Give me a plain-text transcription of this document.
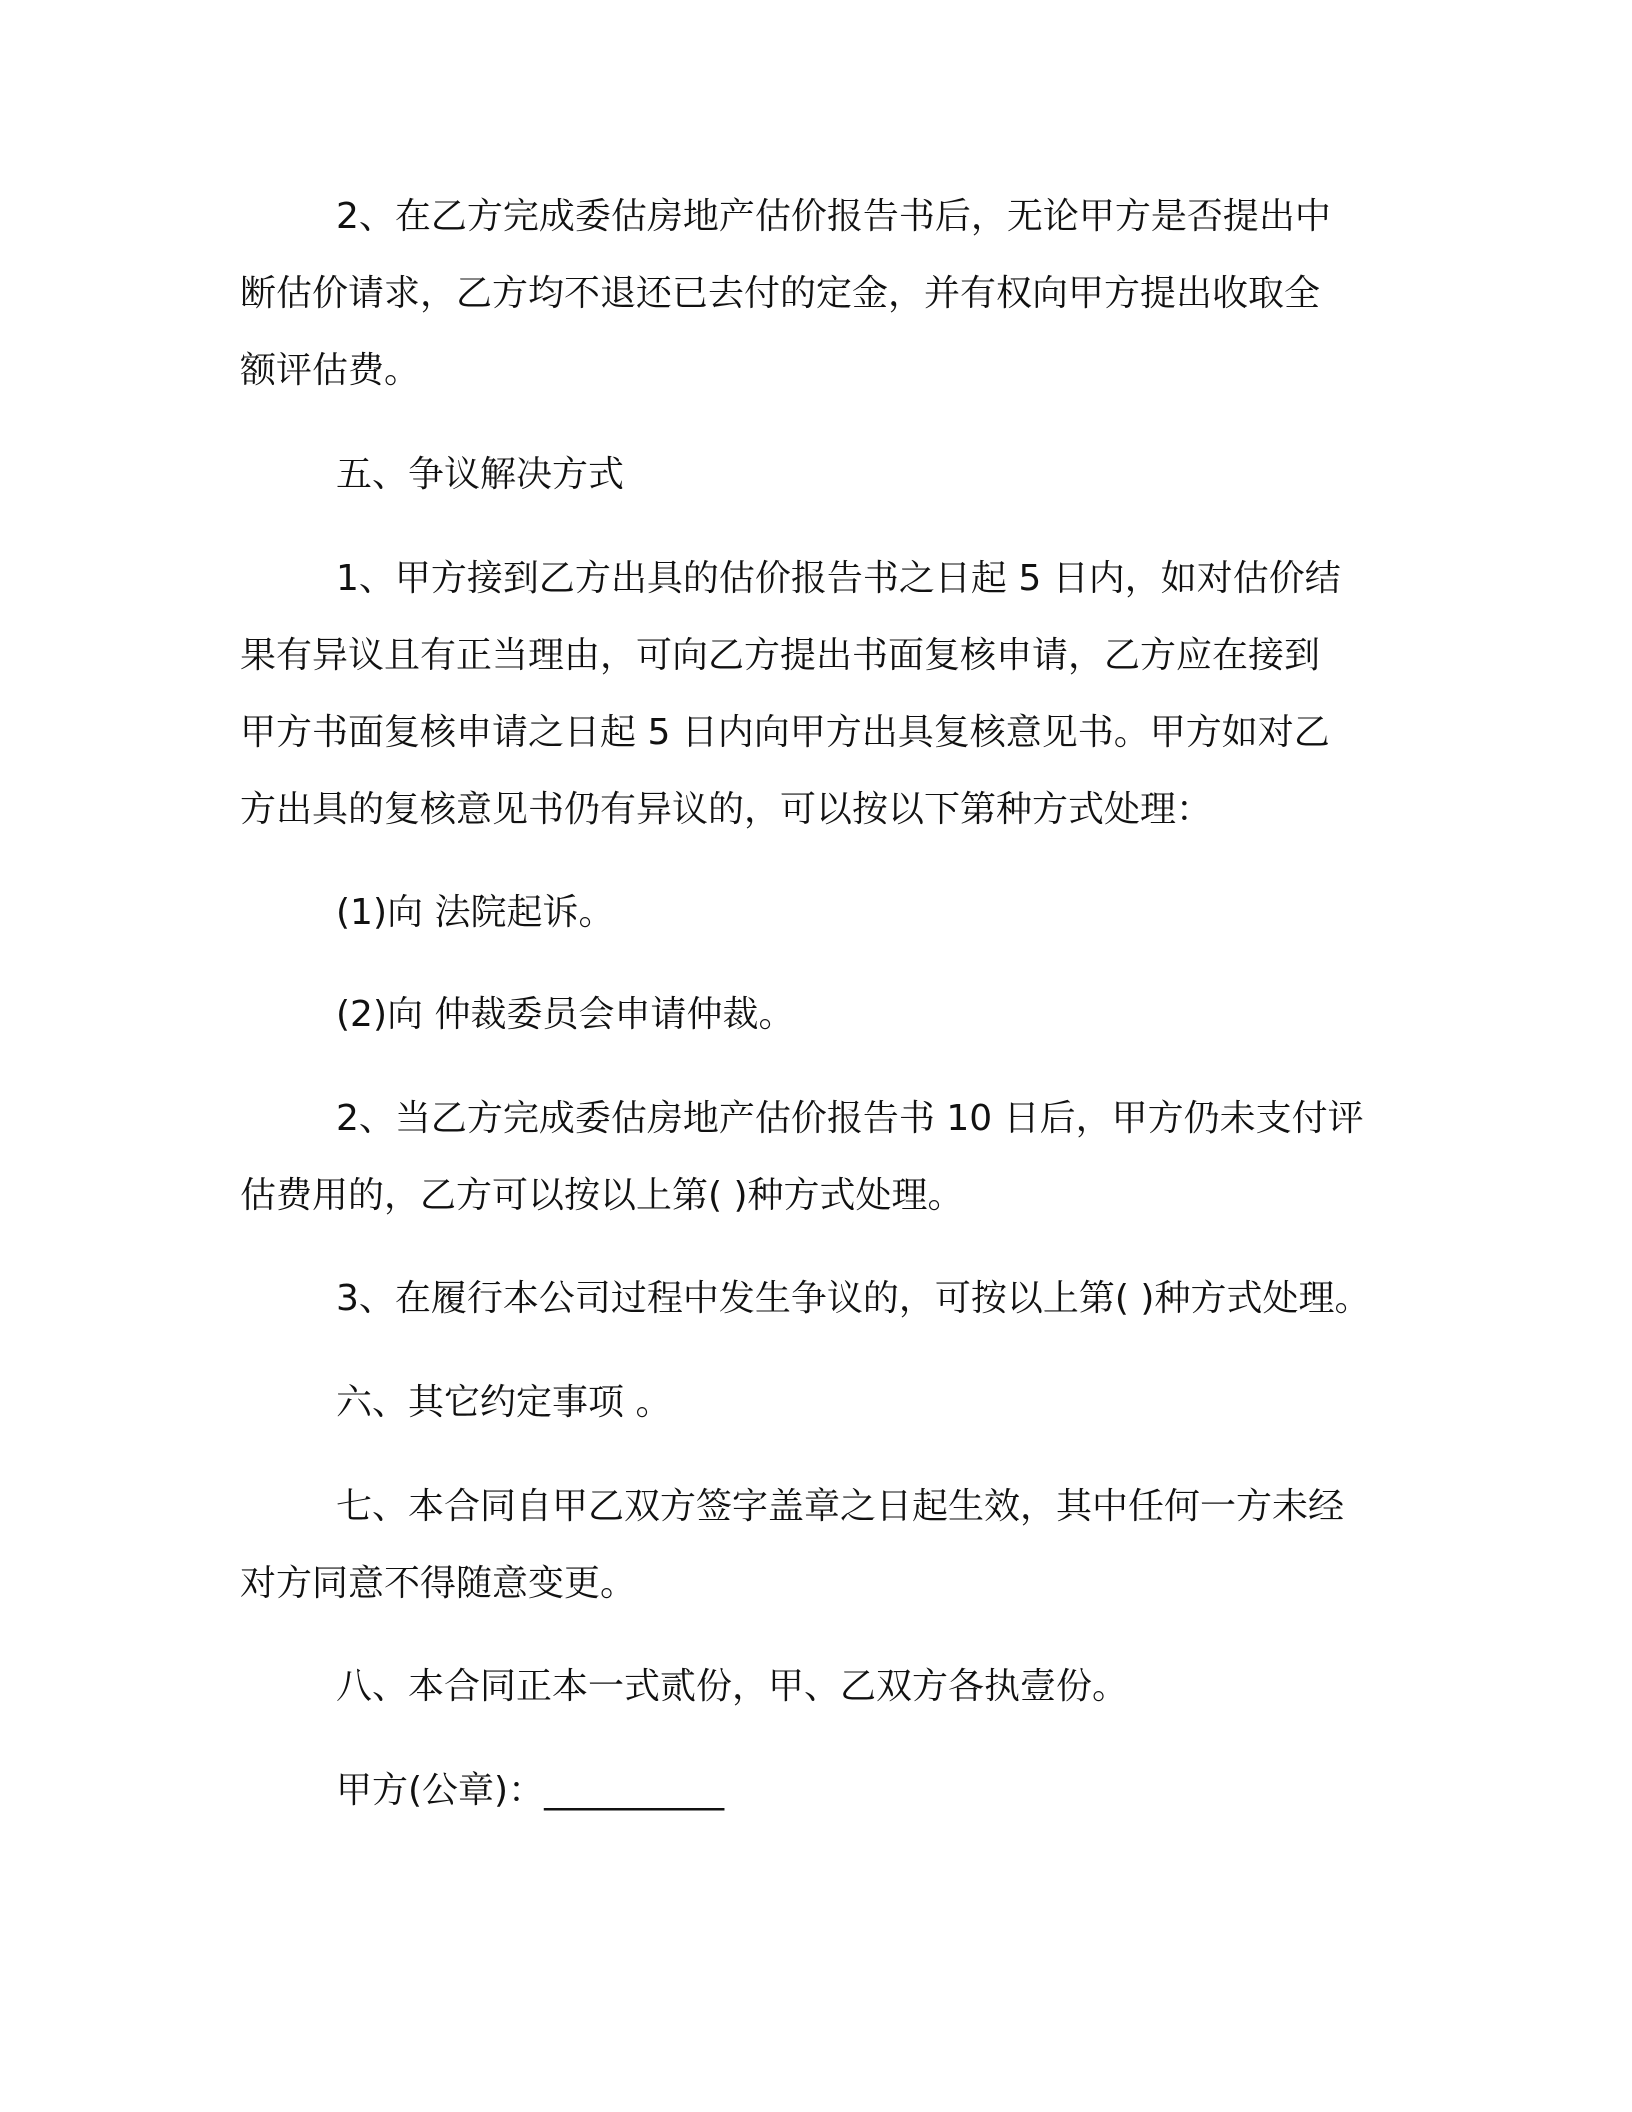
2、在乙方完成委估房地产估价报告书后，无论甲方是否提出中
断估价请求，乙方均不退还已去付的定金，并有权向甲方提出收取全
额评估费。

五、争议解决方式

1、甲方接到乙方出具的估价报告书之日起 5 日内，如对估价结
果有异议且有正当理由，可向乙方提出书面复核申请，乙方应在接到
甲方书面复核申请之日起 5 日内向甲方出具复核意见书。甲方如对乙
方出具的复核意见书仍有异议的，可以按以下第种方式处理：

(1)向 法院起诉。

(2)向 仲裁委员会申请仲裁。

2、当乙方完成委估房地产估价报告书 10 日后，甲方仍未支付评
估费用的，乙方可以按以上第( )种方式处理。

3、在履行本公司过程中发生争议的，可按以上第( )种方式处理。

六、其它约定事项 。

七、本合同自甲乙双方签字盖章之日起生效，其中任何一方未经
对方同意不得随意变更。

八、本合同正本一式贰份，甲、乙双方各执壹份。

甲方(公章)：__________
